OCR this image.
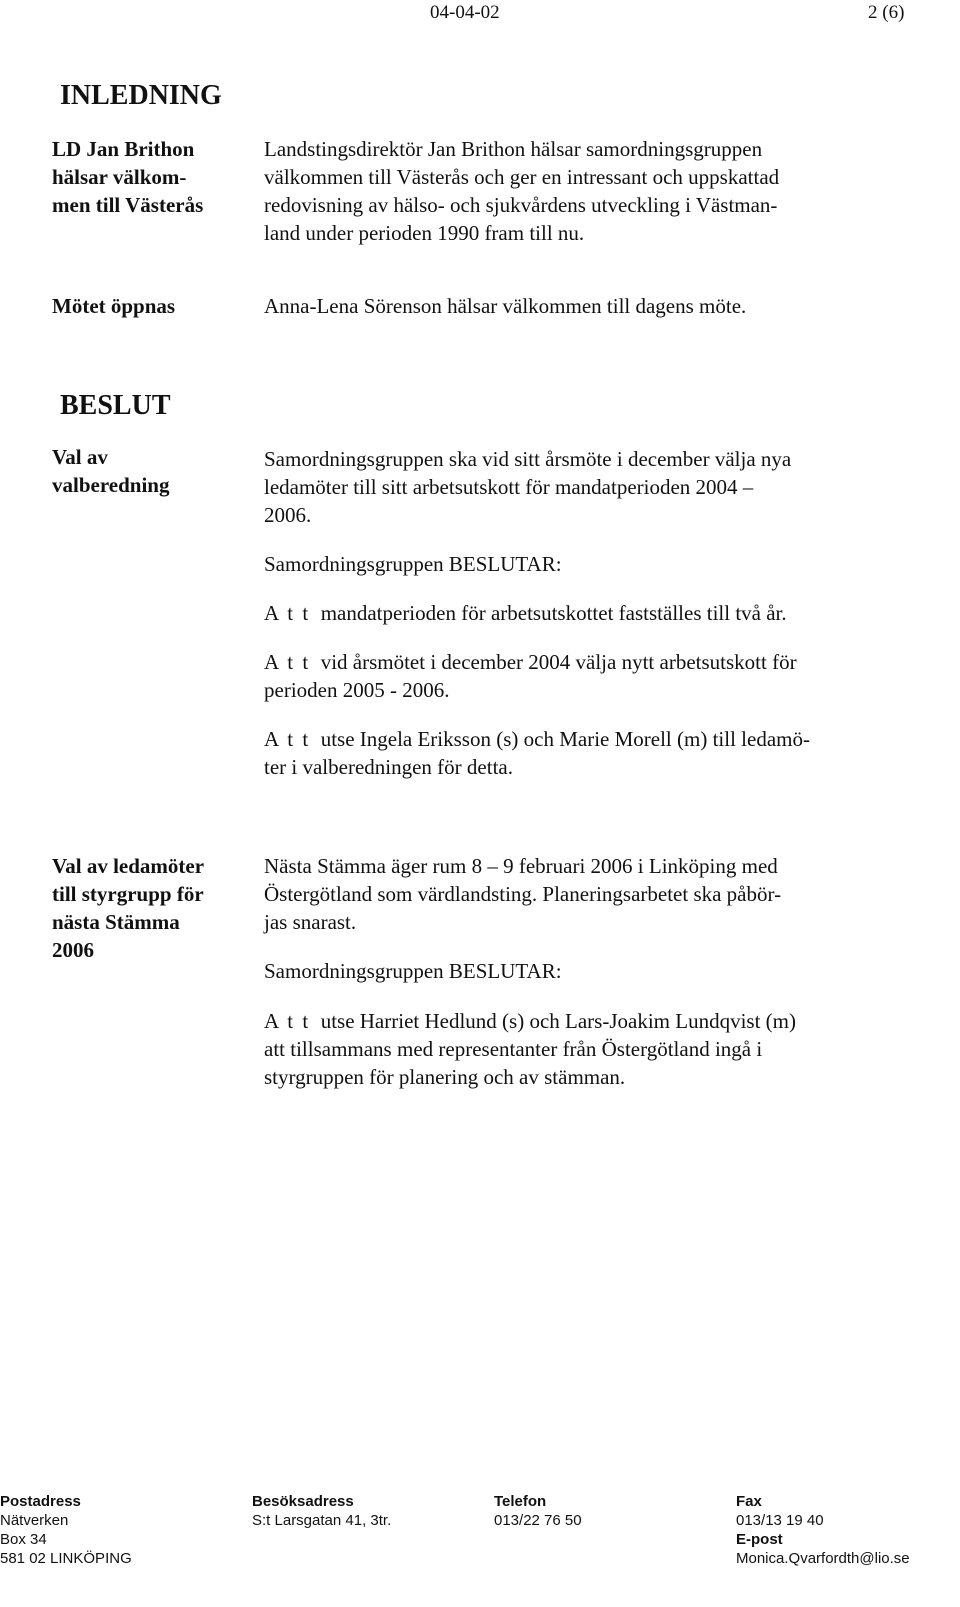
04-04-02	2 (6)
INLEDNING
LD Jan Brithon
hälsar välkom-
men till Västerås
Landstingsdirektör Jan Brithon hälsar samordningsgruppen
välkommen till Västerås och ger en intressant och uppskattad
redovisning av hälso- och sjukvårdens utveckling i Västman-
land under perioden 1990 fram till nu.
Mötet öppnas	Anna-Lena Sörenson hälsar välkommen till dagens möte.
BESLUT
Val av
valberedning
Samordningsgruppen ska vid sitt årsmöte i december välja nya
ledamöter till sitt arbetsutskott för mandatperioden 2004 –
2006.
Samordningsgruppen BESLUTAR:
A t t mandatperioden för arbetsutskottet fastställes till två år.
A t t vid årsmötet i december 2004 välja nytt arbetsutskott för
perioden 2005 - 2006.
A t t utse Ingela Eriksson (s) och Marie Morell (m) till ledamö-
ter i valberedningen för detta.
Val av ledamöter
till styrgrupp för
nästa Stämma
2006
Nästa Stämma äger rum 8 – 9 februari 2006 i Linköping med
Östergötland som värdlandsting. Planeringsarbetet ska påbör-
jas snarast.
Samordningsgruppen BESLUTAR:
A t t utse Harriet Hedlund (s) och Lars-Joakim Lundqvist (m)
att tillsammans med representanter från Östergötland ingå i
styrgruppen för planering och av stämman.
Postadress
Nätverken
Box 34
581 02 LINKÖPING
Besöksadress
S:t Larsgatan 41, 3tr.
Telefon
013/22 76 50
Fax
013/13 19 40
E-post
Monica.Qvarfordth@lio.se
